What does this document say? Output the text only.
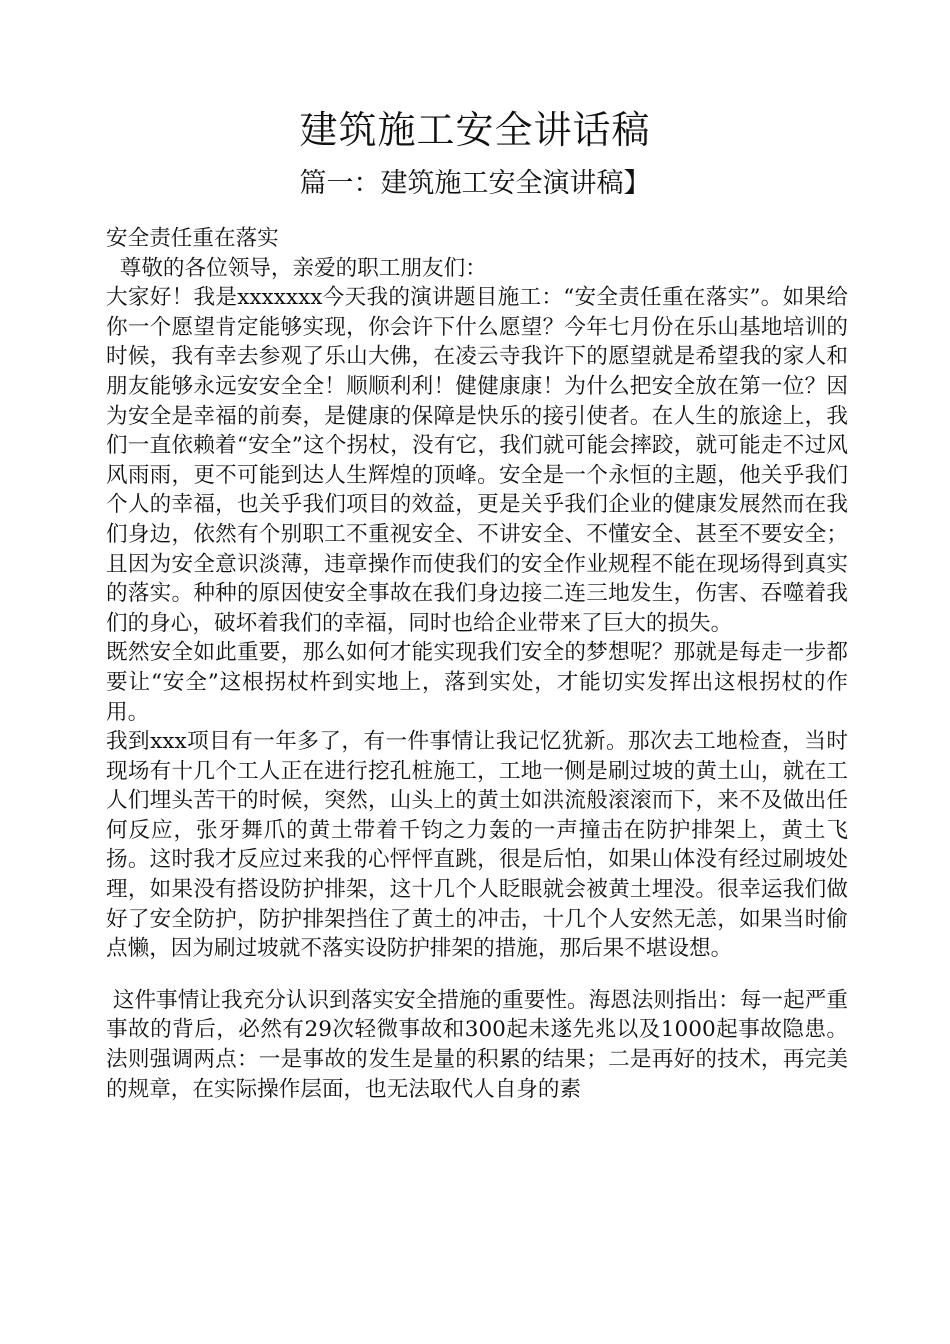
建筑施工安全讲话稿
篇一：建筑施工安全演讲稿】

安全责任重在落实

尊敬的各位领导，亲爱的职工朋友们：

大家好！我是xxxxxxx今天我的演讲题目施工：“安全责任重在落实”。如果给你一个愿望肯定能够实现，你会许下什么愿望？今年七月份在乐山基地培训的时候，我有幸去参观了乐山大佛，在凌云寺我许下的愿望就是希望我的家人和朋友能够永远安安全全！顺顺利利！健健康康！为什么把安全放在第一位？因为安全是幸福的前奏，是健康的保障是快乐的接引使者。在人生的旅途上，我们一直依赖着“安全”这个拐杖，没有它，我们就可能会摔跤，就可能走不过风风雨雨，更不可能到达人生辉煌的顶峰。安全是一个永恒的主题，他关乎我们个人的幸福，也关乎我们项目的效益，更是关乎我们企业的健康发展然而在我们身边，依然有个别职工不重视安全、不讲安全、不懂安全、甚至不要安全；且因为安全意识淡薄，违章操作而使我们的安全作业规程不能在现场得到真实的落实。种种的原因使安全事故在我们身边接二连三地发生，伤害、吞噬着我们的身心，破坏着我们的幸福，同时也给企业带来了巨大的损失。

既然安全如此重要，那么如何才能实现我们安全的梦想呢？那就是每走一步都要让“安全”这根拐杖杵到实地上，落到实处，才能切实发挥出这根拐杖的作用。

我到xxx项目有一年多了，有一件事情让我记忆犹新。那次去工地检查，当时现场有十几个工人正在进行挖孔桩施工，工地一侧是刷过坡的黄土山，就在工人们埋头苦干的时候，突然，山头上的黄土如洪流般滚滚而下，来不及做出任何反应，张牙舞爪的黄土带着千钧之力轰的一声撞击在防护排架上，黄土飞扬。这时我才反应过来我的心怦怦直跳，很是后怕，如果山体没有经过刷坡处理，如果没有搭设防护排架，这十几个人眨眼就会被黄土埋没。很幸运我们做好了安全防护，防护排架挡住了黄土的冲击，十几个人安然无恙，如果当时偷点懒，因为刷过坡就不落实设防护排架的措施，那后果不堪设想。

这件事情让我充分认识到落实安全措施的重要性。海恩法则指出：每一起严重事故的背后，必然有29次轻微事故和300起未遂先兆以及1000起事故隐患。法则强调两点：一是事故的发生是量的积累的结果；二是再好的技术，再完美的规章，在实际操作层面，也无法取代人自身的素
